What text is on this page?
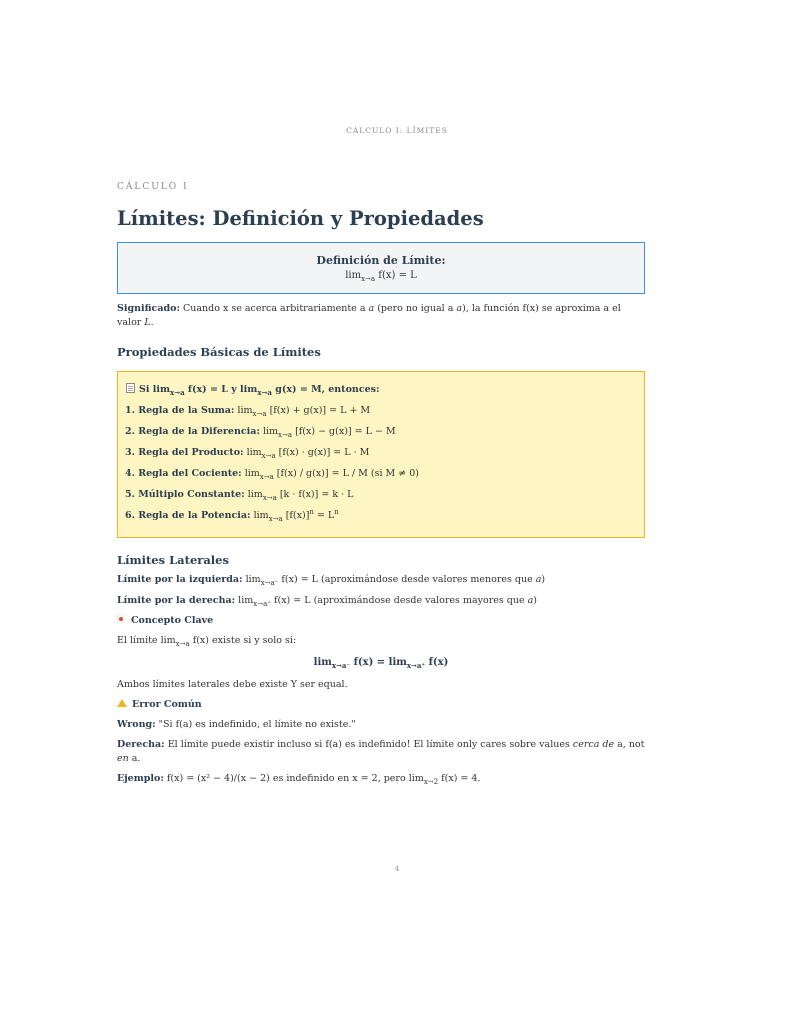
CÁLCULO I: LÍMITES

CÁLCULO I

Límites: Definición y Propiedades
Definición de Límite:
$\lim_{x\to a} f(x) = L$

Significado: Cuando x se acerca arbitrariamente a a (pero no igual a a), la función f(x) se aproxima a el valor L.

Propiedades Básicas de Límites
Si $\lim_{x\to a} f(x) = L$ y $\lim_{x\to a} g(x) = M$, entonces:
1. Regla de la Suma: $\lim_{x\to a} [f(x) + g(x)] = L + M$
2. Regla de la Diferencia: $\lim_{x\to a} [f(x) - g(x)] = L - M$
3. Regla del Producto: $\lim_{x\to a} [f(x) \cdot g(x)] = L \cdot M$
4. Regla del Cociente: $\lim_{x\to a} [f(x) / g(x)] = L / M$ (si M ≠ 0)
5. Múltiplo Constante: $\lim_{x\to a} [k \cdot f(x)] = k \cdot L$
6. Regla de la Potencia: $\lim_{x\to a} [f(x)]^n = L^n$
Límites Laterales

Límite por la izquierda: $\lim_{x\to a^-} f(x) = L$ (aproximándose desde valores menores que a)

Límite por la derecha: $\lim_{x\to a^+} f(x) = L$ (aproximándose desde valores mayores que a)

Concepto Clave

El límite $\lim_{x\to a} f(x)$ existe si y solo si:

$\lim_{x\to a^-} f(x) = \lim_{x\to a^+} f(x)$

Ambos límites laterales debe existe Y ser equal.

Error Común

Wrong: "Si f(a) es indefinido, el límite no existe."

Derecha: El límite puede existir incluso si f(a) es indefinido! El límite only cares sobre values cerca de a, not en a.

Ejemplo: f(x) = (x² − 4)/(x − 2) es indefinido en x = 2, pero $\lim_{x\to 2} f(x) = 4$.

4
